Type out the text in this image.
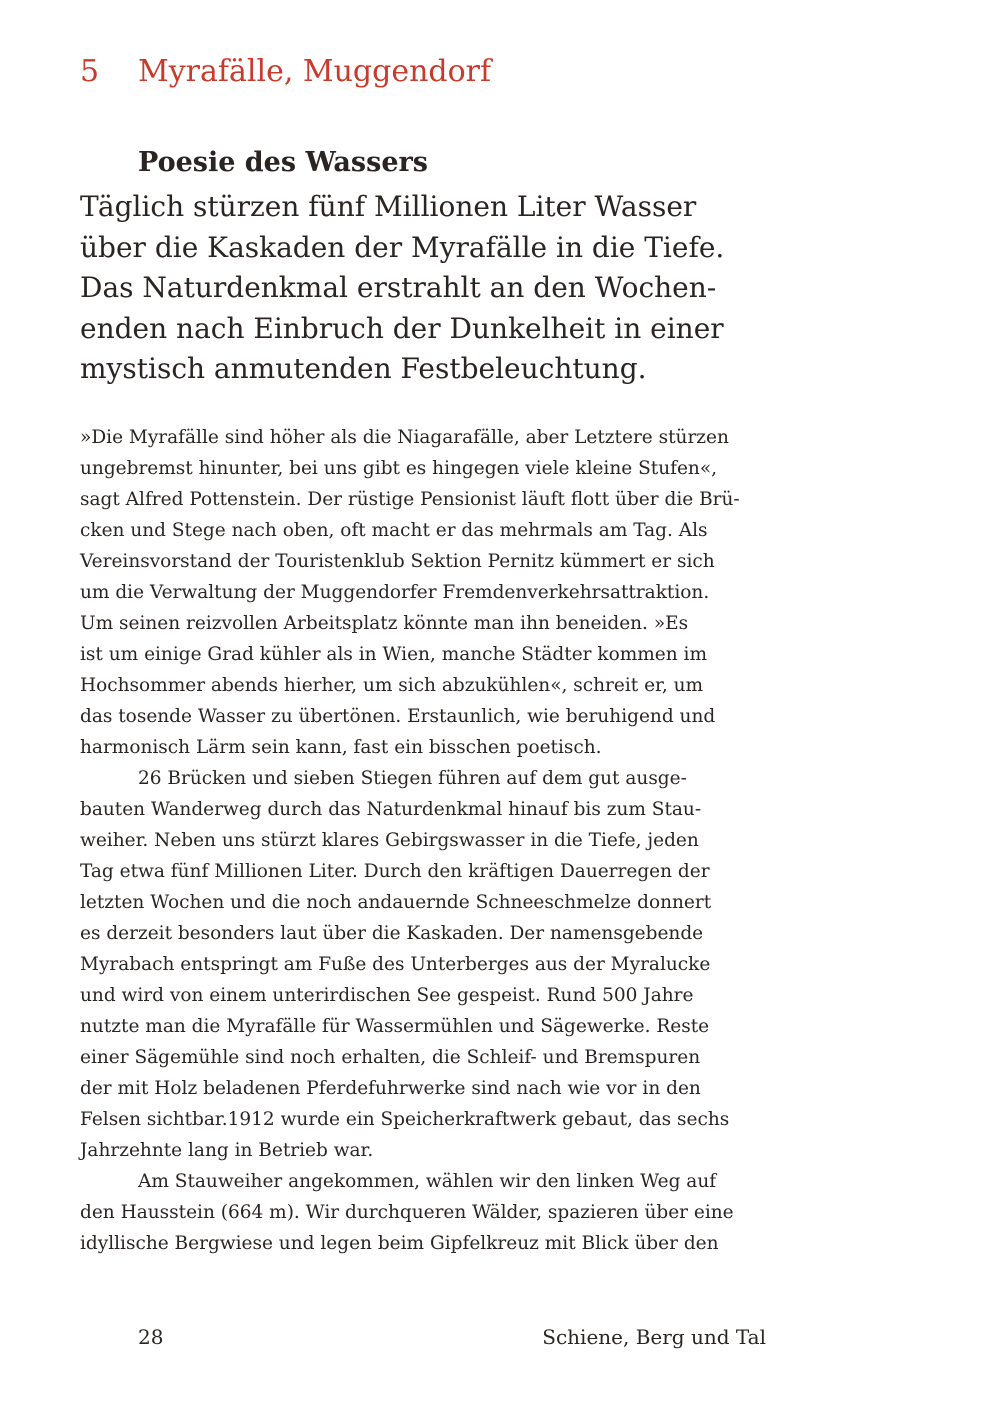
5 Myrafälle, Muggendorf
Poesie des Wassers
Täglich stürzen fünf Millionen Liter Wasser
über die Kaskaden der Myrafälle in die Tiefe.
Das Naturdenkmal erstrahlt an den Wochen-
enden nach Einbruch der Dunkelheit in einer
mystisch anmutenden Festbeleuchtung.
»Die Myrafälle sind höher als die Niagarafälle, aber Letztere stürzen
ungebremst hinunter, bei uns gibt es hingegen viele kleine Stufen«,
sagt Alfred Pottenstein. Der rüstige Pensionist läuft flott über die Brü-
cken und Stege nach oben, oft macht er das mehrmals am Tag. Als
Vereinsvorstand der Touristenklub Sektion Pernitz kümmert er sich
um die Verwaltung der Muggendorfer Fremdenverkehrsattraktion.
Um seinen reizvollen Arbeitsplatz könnte man ihn beneiden. »Es
ist um einige Grad kühler als in Wien, manche Städter kommen im
Hochsommer abends hierher, um sich abzukühlen«, schreit er, um
das tosende Wasser zu übertönen. Erstaunlich, wie beruhigend und
harmonisch Lärm sein kann, fast ein bisschen poetisch.
26 Brücken und sieben Stiegen führen auf dem gut ausge-
bauten Wanderweg durch das Naturdenkmal hinauf bis zum Stau-
weiher. Neben uns stürzt klares Gebirgswasser in die Tiefe, jeden
Tag etwa fünf Millionen Liter. Durch den kräftigen Dauerregen der
letzten Wochen und die noch andauernde Schneeschmelze donnert
es derzeit besonders laut über die Kaskaden. Der namensgebende
Myrabach entspringt am Fuße des Unterberges aus der Myralucke
und wird von einem unterirdischen See gespeist. Rund 500 Jahre
nutzte man die Myrafälle für Wassermühlen und Sägewerke. Reste
einer Sägemühle sind noch erhalten, die Schleif- und Bremspuren
der mit Holz beladenen Pferdefuhrwerke sind nach wie vor in den
Felsen sichtbar.1912 wurde ein Speicherkraftwerk gebaut, das sechs
Jahrzehnte lang in Betrieb war.
Am Stauweiher angekommen, wählen wir den linken Weg auf
den Hausstein (664 m). Wir durchqueren Wälder, spazieren über eine
idyllische Bergwiese und legen beim Gipfelkreuz mit Blick über den
28	Schiene, Berg und Tal
